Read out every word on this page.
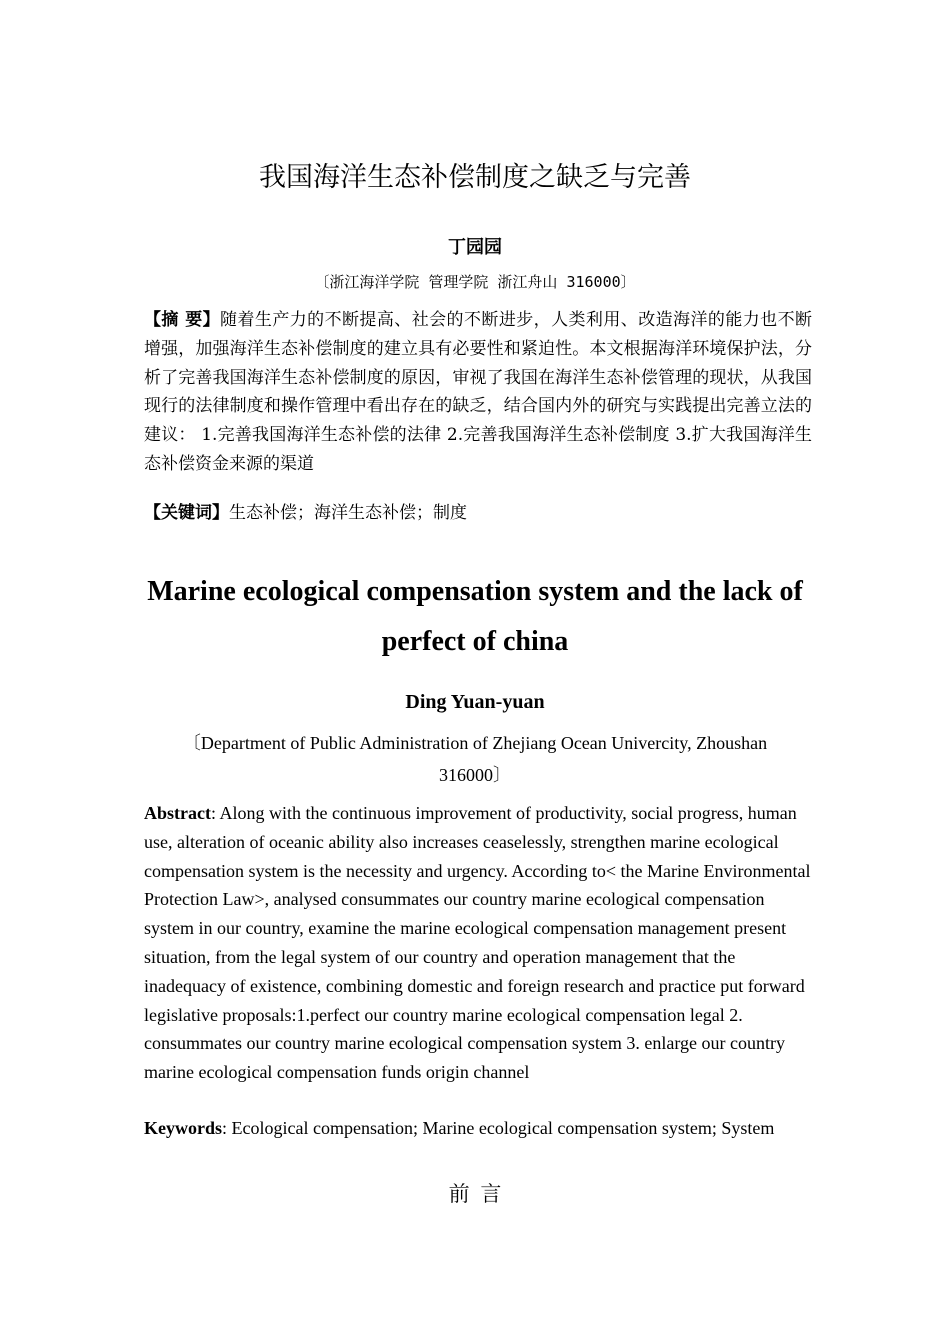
我国海洋生态补偿制度之缺乏与完善
丁园园
〔浙江海洋学院 管理学院 浙江舟山 316000〕
【摘 要】随着生产力的不断提高、社会的不断进步，人类利用、改造海洋的能力也不断增强，加强海洋生态补偿制度的建立具有必要性和紧迫性。本文根据海洋环境保护法，分析了完善我国海洋生态补偿制度的原因，审视了我国在海洋生态补偿管理的现状，从我国现行的法律制度和操作管理中看出存在的缺乏，结合国内外的研究与实践提出完善立法的建议： 1.完善我国海洋生态补偿的法律 2.完善我国海洋生态补偿制度 3.扩大我国海洋生态补偿资金来源的渠道
【关键词】生态补偿；海洋生态补偿；制度
Marine ecological compensation system and the lack of perfect of china
Ding Yuan-yuan
〔Department of Public Administration of Zhejiang Ocean Univercity, Zhoushan 316000〕
Abstract: Along with the continuous improvement of productivity, social progress, human use, alteration of oceanic ability also increases ceaselessly, strengthen marine ecological compensation system is the necessity and urgency. According to< the Marine Environmental Protection Law>, analysed consummates our country marine ecological compensation system in our country, examine the marine ecological compensation management present situation, from the legal system of our country and operation management that the inadequacy of existence, combining domestic and foreign research and practice put forward legislative proposals:1.perfect our country marine ecological compensation legal 2. consummates our country marine ecological compensation system 3. enlarge our country marine ecological compensation funds origin channel
Keywords: Ecological compensation; Marine ecological compensation system; System
前 言
